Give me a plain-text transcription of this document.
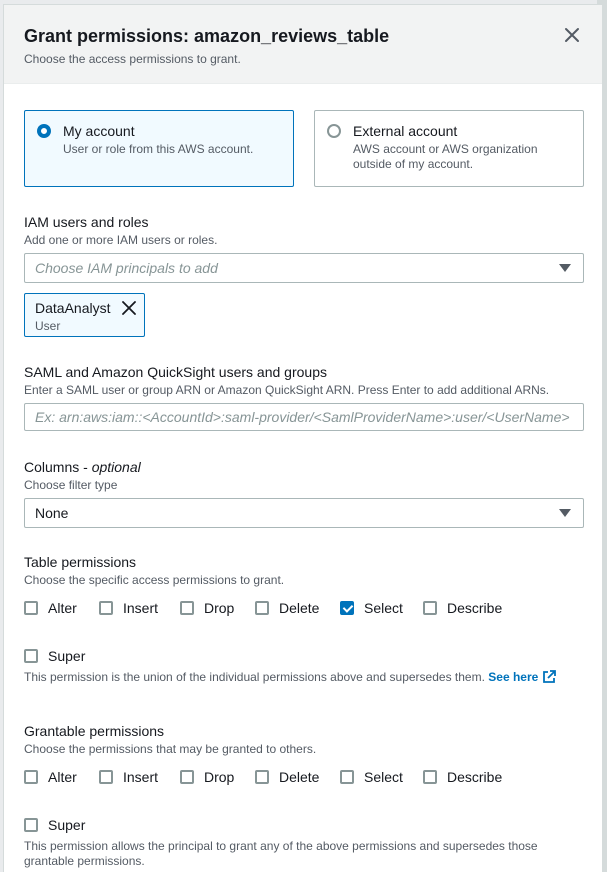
Grant permissions: amazon_reviews_table
Choose the access permissions to grant.
My account
User or role from this AWS account.
External account
AWS account or AWS organization
outside of my account.
IAM users and roles
Add one or more IAM users or roles.
Choose IAM principals to add
DataAnalyst
User
SAML and Amazon QuickSight users and groups
Enter a SAML user or group ARN or Amazon QuickSight ARN. Press Enter to add additional ARNs.
Ex: arn:aws:iam::<AccountId>:saml-provider/<SamlProviderName>:user/<UserName>
Columns - optional
Choose filter type
None
Table permissions
Choose the specific access permissions to grant.
Alter	Insert	Drop	Delete	Select	Describe
Super
This permission is the union of the individual permissions above and supersedes them. See here
Grantable permissions
Choose the permissions that may be granted to others.
Alter	Insert	Drop	Delete	Select	Describe
Super
This permission allows the principal to grant any of the above permissions and supersedes those
grantable permissions.
